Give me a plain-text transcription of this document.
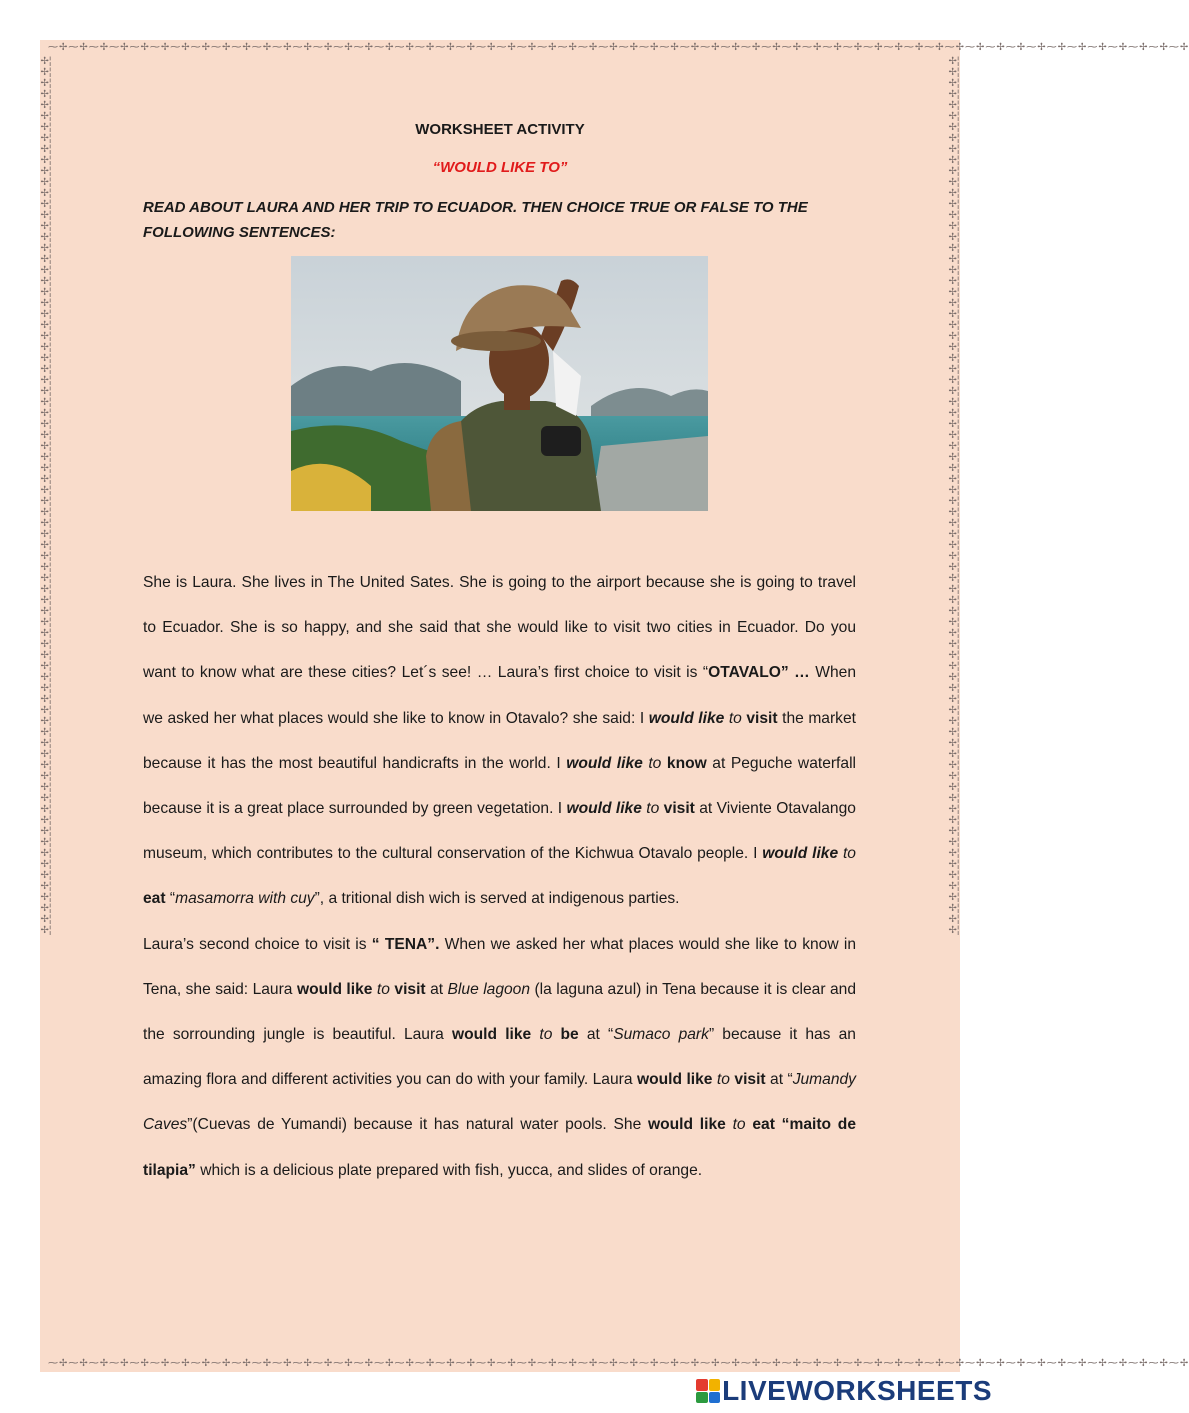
⁓✢⁓✢⁓✢⁓✢⁓✢⁓✢⁓✢⁓✢⁓✢⁓✢⁓✢⁓✢⁓✢⁓✢⁓✢⁓✢⁓✢⁓✢⁓✢⁓✢⁓✢⁓✢⁓✢⁓✢⁓✢⁓✢⁓✢⁓✢⁓✢⁓✢⁓✢⁓✢⁓✢⁓✢⁓✢⁓✢⁓✢⁓✢⁓✢⁓✢⁓✢⁓✢⁓✢⁓✢⁓✢⁓✢⁓✢⁓✢⁓✢⁓✢⁓✢⁓✢⁓✢⁓✢⁓✢⁓✢
⁓✢⁓✢⁓✢⁓✢⁓✢⁓✢⁓✢⁓✢⁓✢⁓✢⁓✢⁓✢⁓✢⁓✢⁓✢⁓✢⁓✢⁓✢⁓✢⁓✢⁓✢⁓✢⁓✢⁓✢⁓✢⁓✢⁓✢⁓✢⁓✢⁓✢⁓✢⁓✢⁓✢⁓✢⁓✢⁓✢⁓✢⁓✢⁓✢⁓✢⁓✢⁓✢⁓✢⁓✢⁓✢⁓✢⁓✢⁓✢⁓✢⁓✢⁓✢⁓✢⁓✢⁓✢⁓✢⁓✢
✢¦✢¦✢¦✢¦✢¦✢¦✢¦✢¦✢¦✢¦✢¦✢¦✢¦✢¦✢¦✢¦✢¦✢¦✢¦✢¦✢¦✢¦✢¦✢¦✢¦✢¦✢¦✢¦✢¦✢¦✢¦✢¦✢¦✢¦✢¦✢¦✢¦✢¦✢¦✢¦✢¦✢¦✢¦✢¦✢¦✢¦✢¦✢¦✢¦✢¦✢¦✢¦✢¦✢¦✢¦✢¦✢¦✢¦✢¦✢¦✢¦✢¦✢¦✢¦✢¦✢¦✢¦✢¦✢¦✢¦✢¦✢¦✢¦✢¦✢¦✢¦✢¦✢¦✢¦✢¦
✢¦✢¦✢¦✢¦✢¦✢¦✢¦✢¦✢¦✢¦✢¦✢¦✢¦✢¦✢¦✢¦✢¦✢¦✢¦✢¦✢¦✢¦✢¦✢¦✢¦✢¦✢¦✢¦✢¦✢¦✢¦✢¦✢¦✢¦✢¦✢¦✢¦✢¦✢¦✢¦✢¦✢¦✢¦✢¦✢¦✢¦✢¦✢¦✢¦✢¦✢¦✢¦✢¦✢¦✢¦✢¦✢¦✢¦✢¦✢¦✢¦✢¦✢¦✢¦✢¦✢¦✢¦✢¦✢¦✢¦✢¦✢¦✢¦✢¦✢¦✢¦✢¦✢¦✢¦✢¦
WORKSHEET ACTIVITY
“WOULD LIKE TO”
READ ABOUT LAURA AND HER TRIP TO ECUADOR. THEN CHOICE TRUE OR FALSE TO THE FOLLOWING SENTENCES:

She is Laura. She lives in The United Sates. She is going to the airport because she is going to travel to Ecuador. She is so happy, and she said that she would like to visit two cities in Ecuador. Do you want to know what are these cities? Let´s see! … Laura’s first choice to visit is “OTAVALO” … When we asked her what places would she like to know in Otavalo? she said: I would like to visit the market because it has the most beautiful handicrafts in the world. I would like to know at Peguche waterfall because it is a great place surrounded by green vegetation. I would like to visit at Viviente Otavalango museum, which contributes to the cultural conservation of the Kichwua Otavalo people. I would like to eat “masamorra with cuy”, a tritional dish wich is served at indigenous parties.

Laura’s second choice to visit is “ TENA”. When we asked her what places would she like to know in Tena, she said: Laura would like to visit at Blue lagoon (la laguna azul) in Tena because it is clear and the sorrounding jungle is beautiful. Laura would like to be at “Sumaco park” because it has an amazing flora and different activities you can do with your family. Laura would like to visit at “Jumandy Caves”(Cuevas de Yumandi) because it has natural water pools. She would like to eat “maito de tilapia” which is a delicious plate prepared with fish, yucca, and slides of orange.

LIVEWORKSHEETS
